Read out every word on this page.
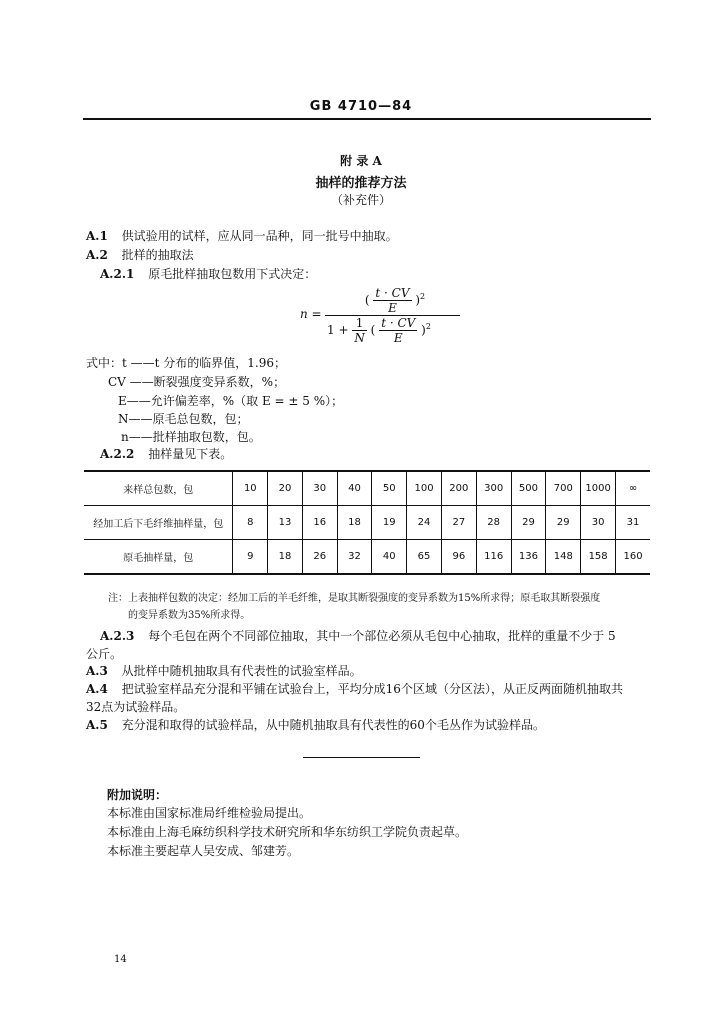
GB 4710—84
附 录 A
抽样的推荐方法
（补充件）
A.1 供试验用的试样，应从同一品种，同一批号中抽取。
A.2 批样的抽取法
A.2.1 原毛批样抽取包数用下式决定：
n =
( $\frac{t \cdot CV}{E} )^2$
$1 + \frac{1}{N}$ ( $\frac{t \cdot CV}{E} )^2$
式中： t ——t 分布的临界值，1.96；
CV ——断裂强度变异系数，%；
E——允许偏差率，%（取 E = ± 5 %）；
N——原毛总包数，包；
n——批样抽取包数，包。
A.2.2 抽样量见下表。
来样总包数，包	10	20	30	40	50	100	200	300	500	700	1000	∞
经加工后下毛纤维抽样量，包	8	13	16	18	19	24	27	28	29	29	30	31
原毛抽样量，包	9	18	26	32	40	65	96	116	136	148	158	160
注：上表抽样包数的决定：经加工后的羊毛纤维，是取其断裂强度的变异系数为15%所求得；原毛取其断裂强度
的变异系数为35%所求得。
A.2.3 每个毛包在两个不同部位抽取，其中一个部位必须从毛包中心抽取，批样的重量不少于 5
公斤。
A.3 从批样中随机抽取具有代表性的试验室样品。
A.4 把试验室样品充分混和平铺在试验台上，平均分成16个区域（分区法），从正反两面随机抽取共
32点为试验样品。
A.5 充分混和取得的试验样品，从中随机抽取具有代表性的60个毛丛作为试验样品。
附加说明：
本标准由国家标准局纤维检验局提出。
本标准由上海毛麻纺织科学技术研究所和华东纺织工学院负责起草。
本标准主要起草人吴安成、邹建芳。
14
